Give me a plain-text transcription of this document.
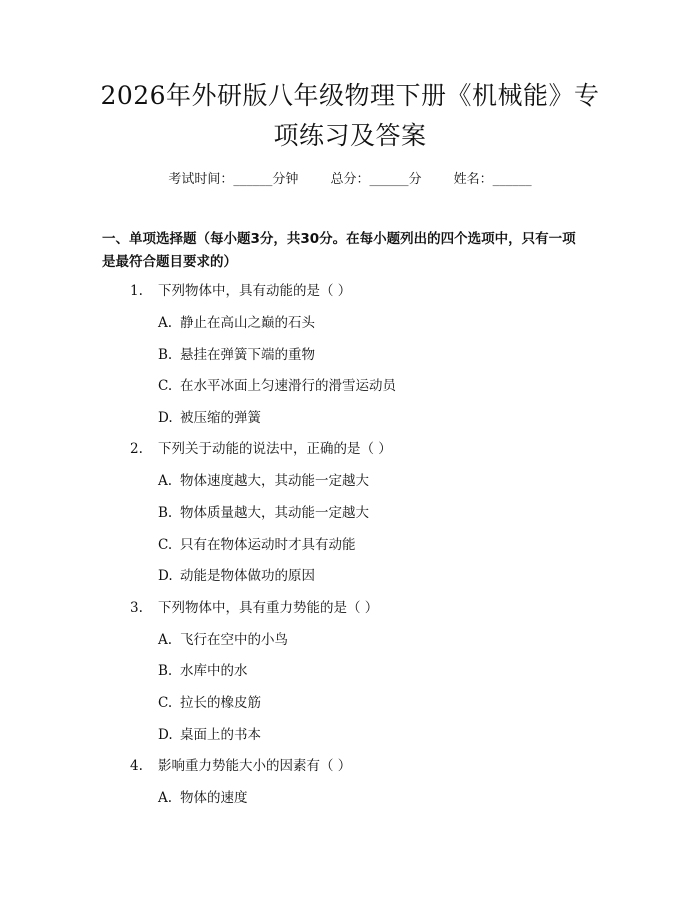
2026年外研版八年级物理下册《机械能》专
项练习及答案
考试时间：______分钟 总分：______分 姓名：______
一、单项选择题（每小题3分，共30分。在每小题列出的四个选项中，只有一项
是最符合题目要求的）
1. 下列物体中，具有动能的是（ ）
A. 静止在高山之巅的石头
B. 悬挂在弹簧下端的重物
C. 在水平冰面上匀速滑行的滑雪运动员
D. 被压缩的弹簧
2. 下列关于动能的说法中，正确的是（ ）
A. 物体速度越大，其动能一定越大
B. 物体质量越大，其动能一定越大
C. 只有在物体运动时才具有动能
D. 动能是物体做功的原因
3. 下列物体中，具有重力势能的是（ ）
A. 飞行在空中的小鸟
B. 水库中的水
C. 拉长的橡皮筋
D. 桌面上的书本
4. 影响重力势能大小的因素有（ ）
A. 物体的速度
